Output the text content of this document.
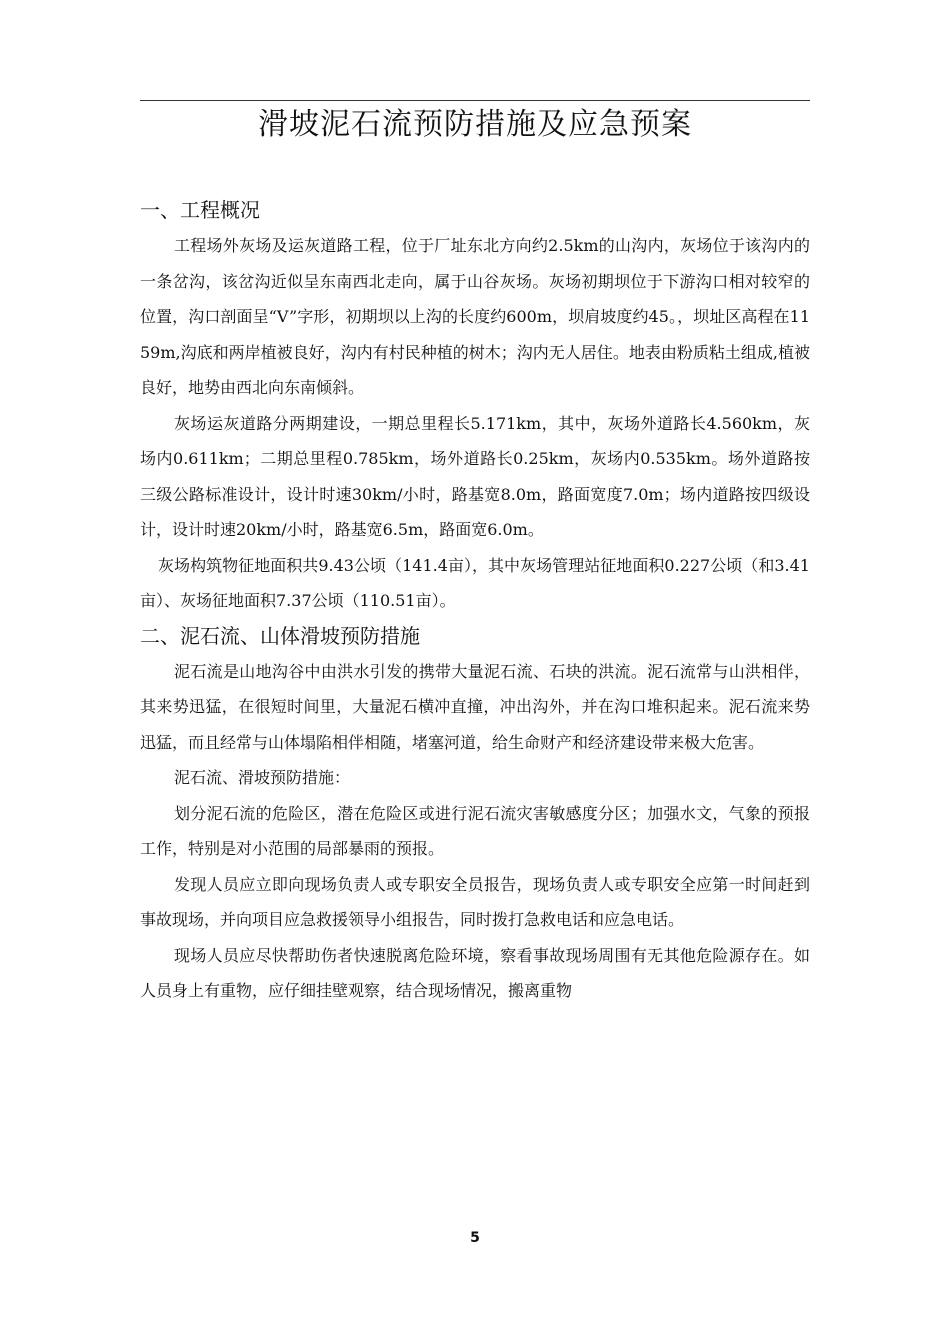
滑坡泥石流预防措施及应急预案
一、工程概况

工程场外灰场及运灰道路工程，位于厂址东北方向约2.5km的山沟内，灰场位于该沟内的一条岔沟，该岔沟近似呈东南西北走向，属于山谷灰场。灰场初期坝位于下游沟口相对较窄的位置，沟口剖面呈“V”字形，初期坝以上沟的长度约600m，坝肩坡度约45。，坝址区高程在1159m,沟底和两岸植被良好，沟内有村民种植的树木；沟内无人居住。地表由粉质粘土组成,植被良好，地势由西北向东南倾斜。

灰场运灰道路分两期建设，一期总里程长5.171km，其中，灰场外道路长4.560km，灰场内0.611km；二期总里程0.785km，场外道路长0.25km，灰场内0.535km。场外道路按三级公路标准设计，设计时速30km/小时，路基宽8.0m，路面宽度7.0m；场内道路按四级设计，设计时速20km/小时，路基宽6.5m，路面宽6.0m。

灰场构筑物征地面积共9.43公顷（141.4亩），其中灰场管理站征地面积0.227公顷（和3.41亩）、灰场征地面积7.37公顷（110.51亩）。

二、泥石流、山体滑坡预防措施

泥石流是山地沟谷中由洪水引发的携带大量泥石流、石块的洪流。泥石流常与山洪相伴，其来势迅猛，在很短时间里，大量泥石横冲直撞，冲出沟外，并在沟口堆积起来。泥石流来势迅猛，而且经常与山体塌陷相伴相随，堵塞河道，给生命财产和经济建设带来极大危害。

泥石流、滑坡预防措施：

划分泥石流的危险区，潜在危险区或进行泥石流灾害敏感度分区；加强水文，气象的预报工作，特别是对小范围的局部暴雨的预报。

发现人员应立即向现场负责人或专职安全员报告，现场负责人或专职安全应第一时间赶到事故现场，并向项目应急救援领导小组报告，同时拨打急救电话和应急电话。

现场人员应尽快帮助伤者快速脱离危险环境，察看事故现场周围有无其他危险源存在。如人员身上有重物，应仔细挂壁观察，结合现场情况，搬离重物

5
